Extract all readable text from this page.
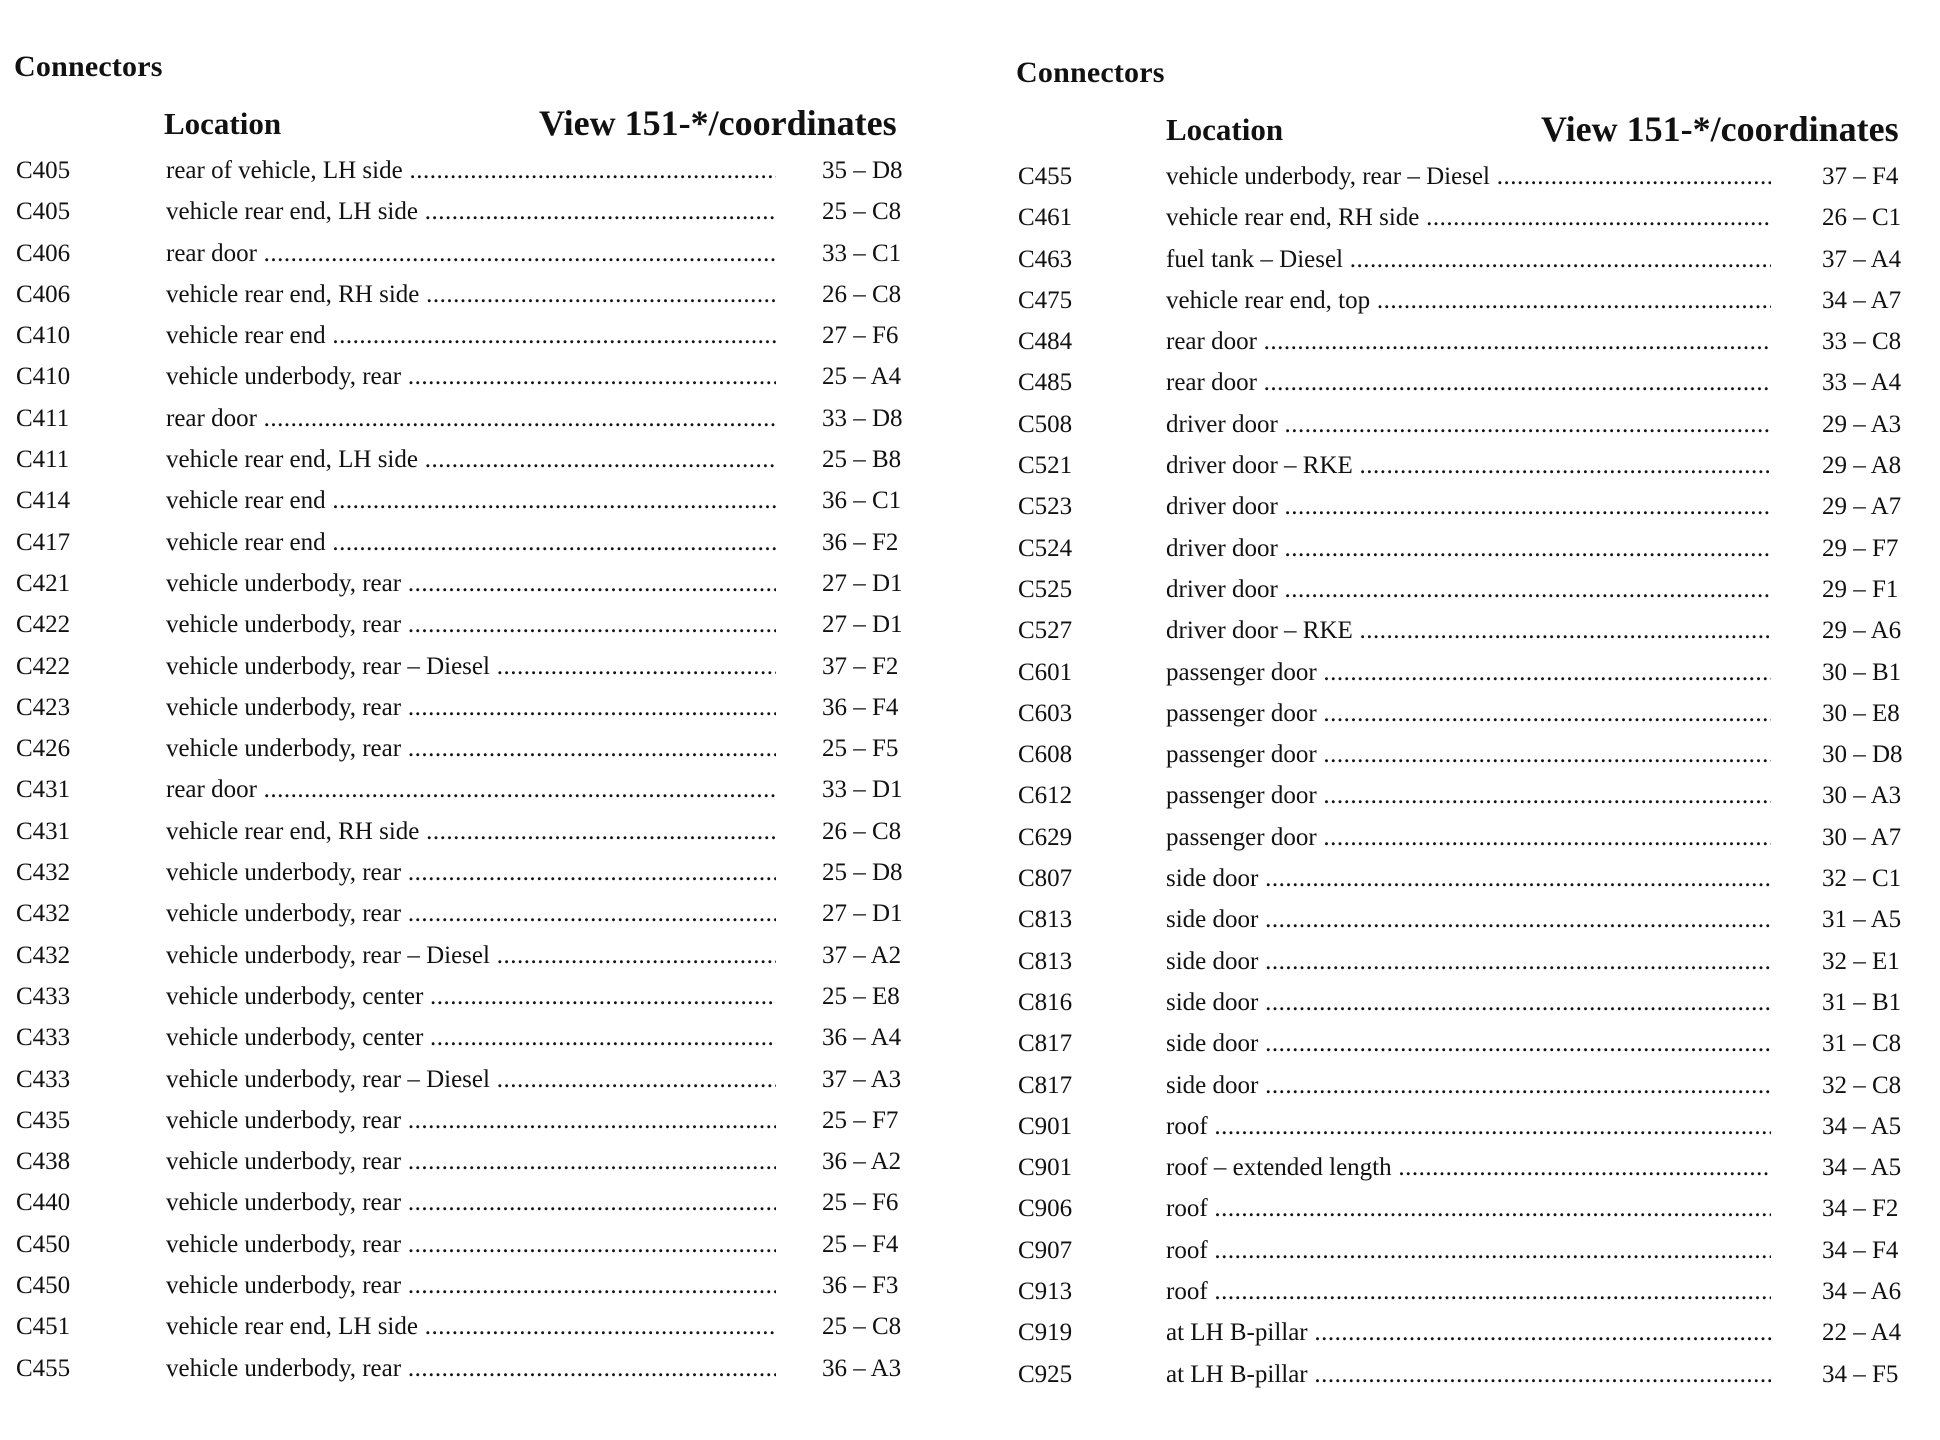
Connectors
Location	View 151-*/coordinates
C405	rear of vehicle, LH side .....	35 – D8
C405	vehicle rear end, LH side .....	25 – C8
C406	rear door .....	33 – C1
C406	vehicle rear end, RH side .....	26 – C8
C410	vehicle rear end .....	27 – F6
C410	vehicle underbody, rear .....	25 – A4
C411	rear door .....	33 – D8
C411	vehicle rear end, LH side .....	25 – B8
C414	vehicle rear end .....	36 – C1
C417	vehicle rear end .....	36 – F2
C421	vehicle underbody, rear .....	27 – D1
C422	vehicle underbody, rear .....	27 – D1
C422	vehicle underbody, rear – Diesel .....	37 – F2
C423	vehicle underbody, rear .....	36 – F4
C426	vehicle underbody, rear .....	25 – F5
C431	rear door .....	33 – D1
C431	vehicle rear end, RH side .....	26 – C8
C432	vehicle underbody, rear .....	25 – D8
C432	vehicle underbody, rear .....	27 – D1
C432	vehicle underbody, rear – Diesel .....	37 – A2
C433	vehicle underbody, center .....	25 – E8
C433	vehicle underbody, center .....	36 – A4
C433	vehicle underbody, rear – Diesel .....	37 – A3
C435	vehicle underbody, rear .....	25 – F7
C438	vehicle underbody, rear .....	36 – A2
C440	vehicle underbody, rear .....	25 – F6
C450	vehicle underbody, rear .....	25 – F4
C450	vehicle underbody, rear .....	36 – F3
C451	vehicle rear end, LH side .....	25 – C8
C455	vehicle underbody, rear .....	36 – A3
Connectors
Location	View 151-*/coordinates
C455	vehicle underbody, rear – Diesel .....	37 – F4
C461	vehicle rear end, RH side .....	26 – C1
C463	fuel tank – Diesel .....	37 – A4
C475	vehicle rear end, top .....	34 – A7
C484	rear door .....	33 – C8
C485	rear door .....	33 – A4
C508	driver door .....	29 – A3
C521	driver door – RKE .....	29 – A8
C523	driver door .....	29 – A7
C524	driver door .....	29 – F7
C525	driver door .....	29 – F1
C527	driver door – RKE .....	29 – A6
C601	passenger door .....	30 – B1
C603	passenger door .....	30 – E8
C608	passenger door .....	30 – D8
C612	passenger door .....	30 – A3
C629	passenger door .....	30 – A7
C807	side door .....	32 – C1
C813	side door .....	31 – A5
C813	side door .....	32 – E1
C816	side door .....	31 – B1
C817	side door .....	31 – C8
C817	side door .....	32 – C8
C901	roof .....	34 – A5
C901	roof – extended length .....	34 – A5
C906	roof .....	34 – F2
C907	roof .....	34 – F4
C913	roof .....	34 – A6
C919	at LH B-pillar .....	22 – A4
C925	at LH B-pillar .....	34 – F5
